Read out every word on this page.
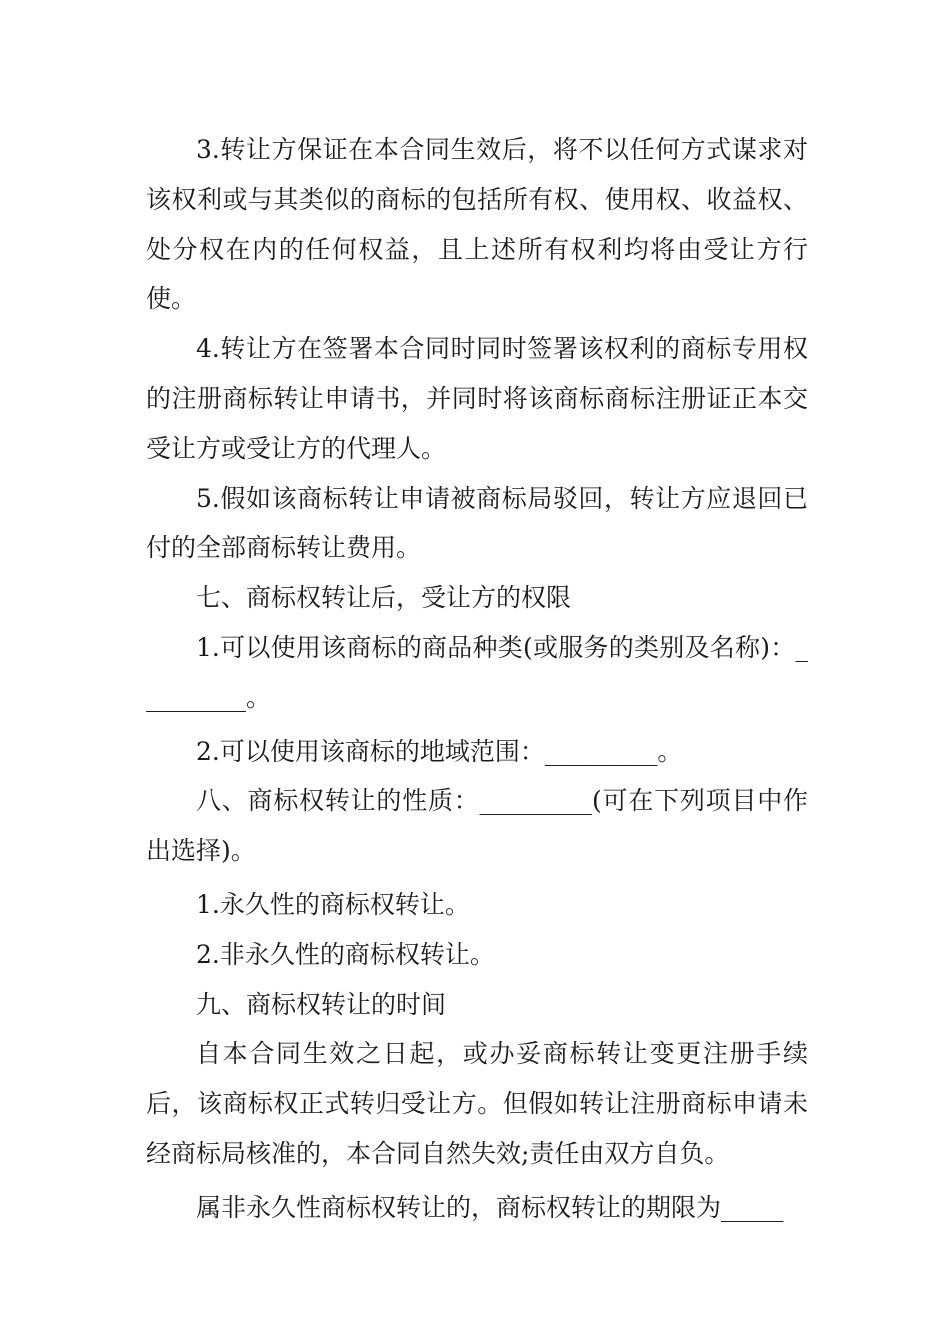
3.转让方保证在本合同生效后，将不以任何方式谋求对该权利或与其类似的商标的包括所有权、使用权、收益权、处分权在内的任何权益，且上述所有权利均将由受让方行使。

4.转让方在签署本合同时同时签署该权利的商标专用权的注册商标转让申请书，并同时将该商标商标注册证正本交受让方或受让方的代理人。

5.假如该商标转让申请被商标局驳回，转让方应退回已付的全部商标转让费用。

七、商标权转让后，受让方的权限

1.可以使用该商标的商品种类(或服务的类别及名称)：_________。

2.可以使用该商标的地域范围：_________。

八、商标权转让的性质：_________(可在下列项目中作出选择)。

1.永久性的商标权转让。

2.非永久性的商标权转让。

九、商标权转让的时间

自本合同生效之日起，或办妥商标转让变更注册手续后，该商标权正式转归受让方。但假如转让注册商标申请未经商标局核准的，本合同自然失效;责任由双方自负。

属非永久性商标权转让的，商标权转让的期限为_____
